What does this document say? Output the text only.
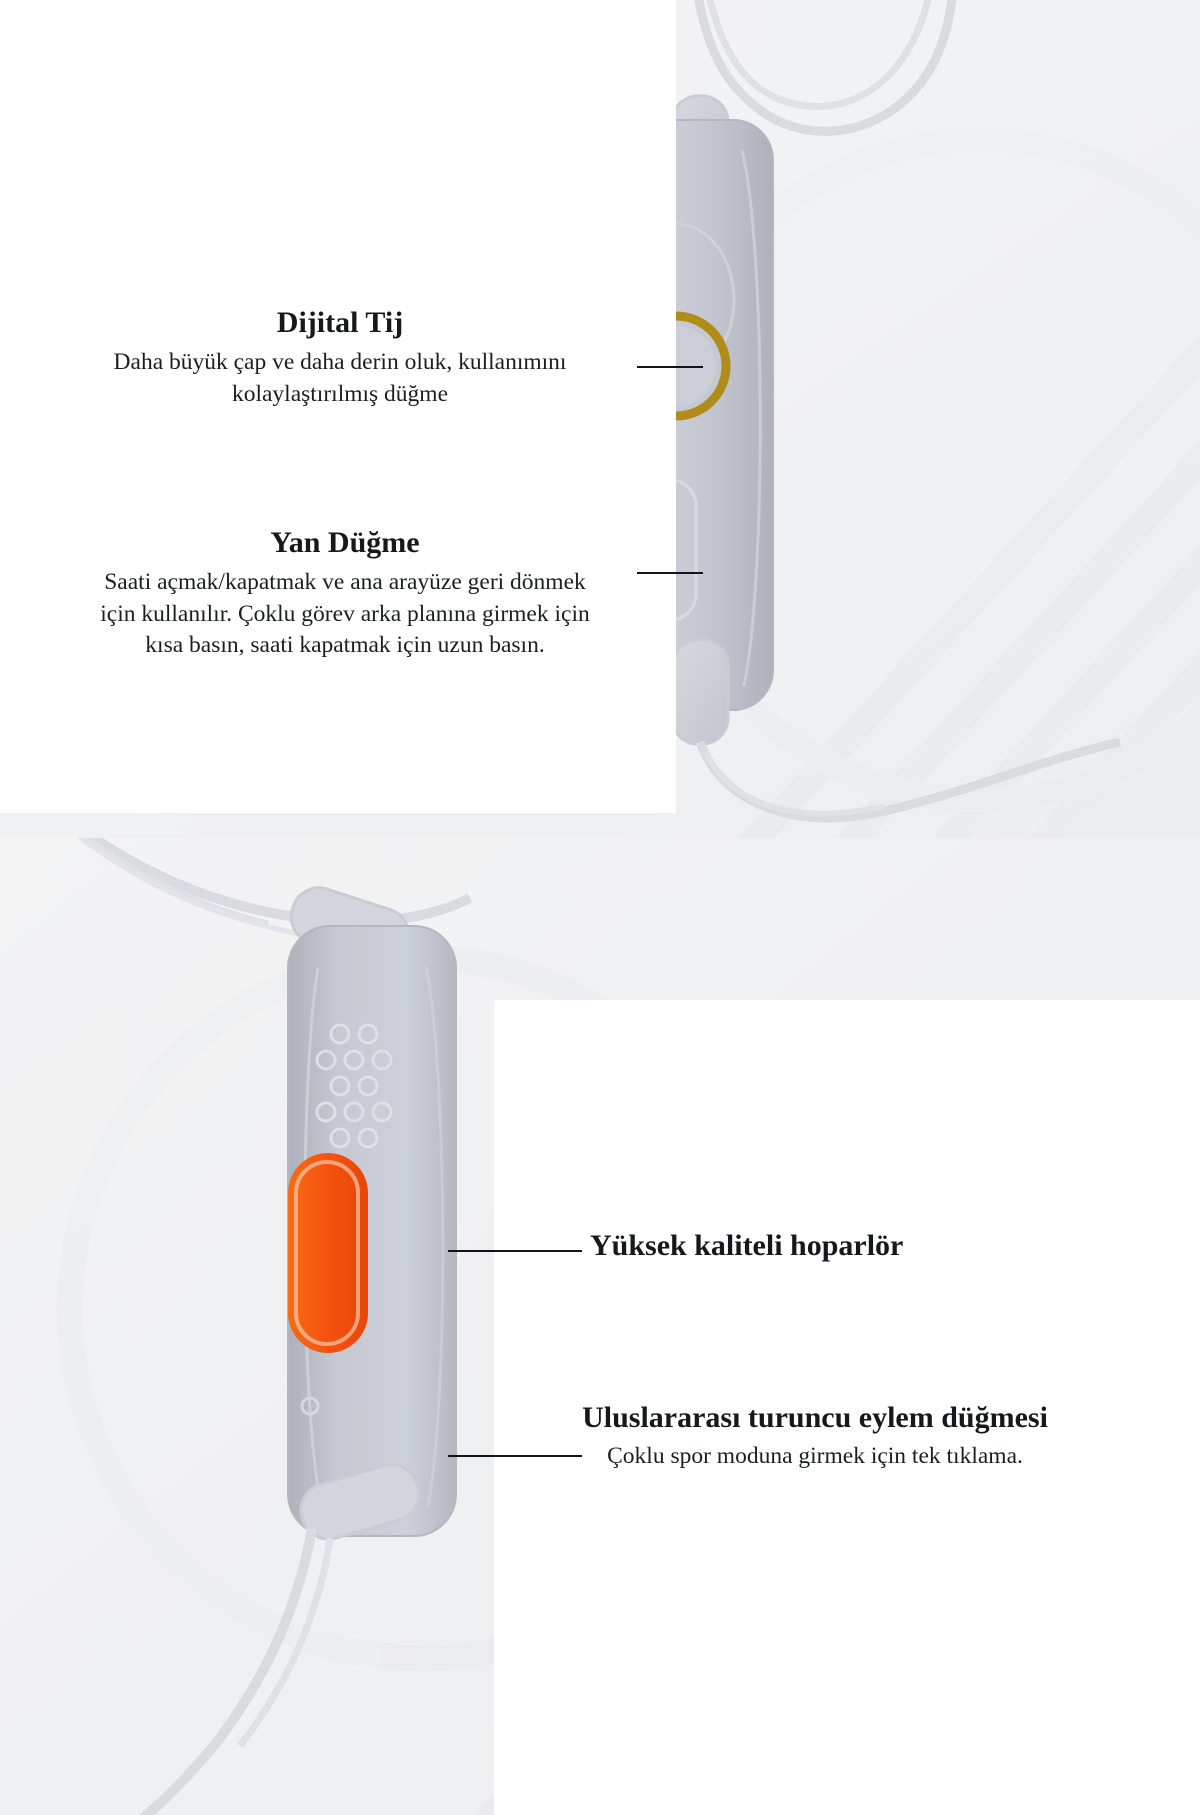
Dijital Tij
Daha büyük çap ve daha derin oluk, kullanımını kolaylaştırılmış düğme
Yan Düğme
Saati açmak/kapatmak ve ana arayüze geri dönmek için kullanılır. Çoklu görev arka planına girmek için kısa basın, saati kapatmak için uzun basın.
Yüksek kaliteli hoparlör
Uluslararası turuncu eylem düğmesi
Çoklu spor moduna girmek için tek tıklama.
